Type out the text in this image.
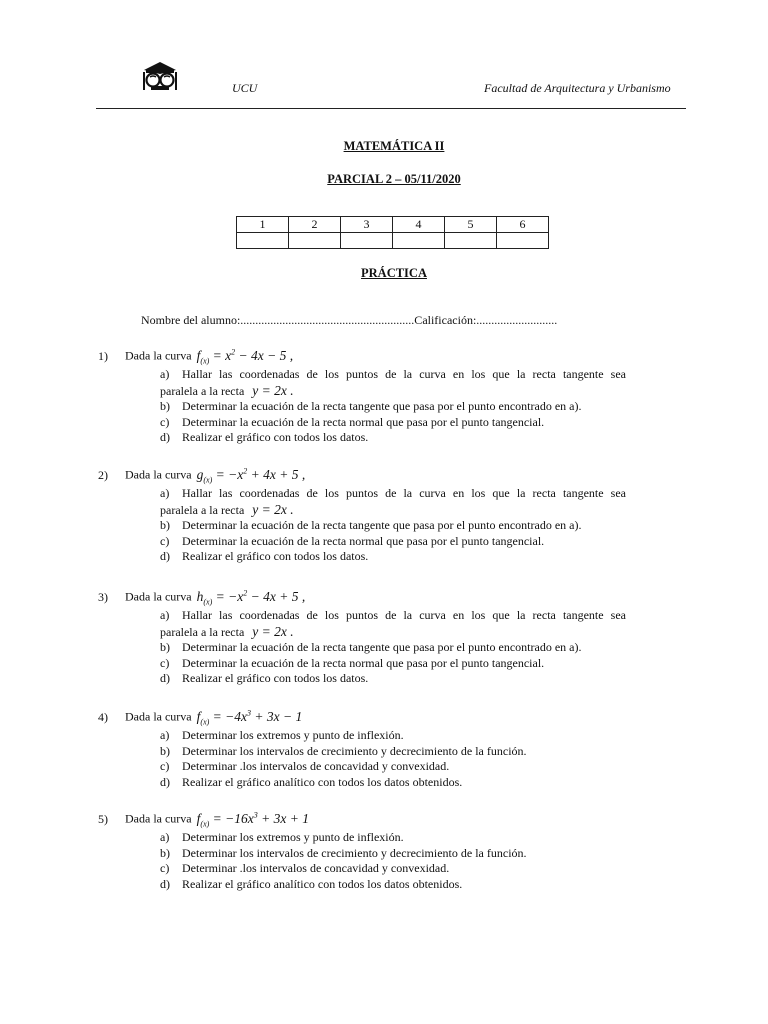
UCU	Facultad de Arquitectura y Urbanismo
MATEMÁTICA II
PARCIAL 2 – 05/11/2020
1	2	3	4	5	6

PRÁCTICA
Nombre del alumno:..........................................................Calificación:...........................
1) Dada la curva $f_{(x)} = x^2 - 4x - 5$ ,
a)	Hallar las coordenadas de los puntos de la curva en los que la recta tangente sea
paralela a la recta y = 2x .
b)	Determinar la ecuación de la recta tangente que pasa por el punto encontrado en a).
c)	Determinar la ecuación de la recta normal que pasa por el punto tangencial.
d)	Realizar el gráfico con todos los datos.
2) Dada la curva $g_{(x)} = -x^2 + 4x + 5$ ,
a)	Hallar las coordenadas de los puntos de la curva en los que la recta tangente sea
paralela a la recta y = 2x .
b)	Determinar la ecuación de la recta tangente que pasa por el punto encontrado en a).
c)	Determinar la ecuación de la recta normal que pasa por el punto tangencial.
d)	Realizar el gráfico con todos los datos.
3) Dada la curva $h_{(x)} = -x^2 - 4x + 5$ ,
a)	Hallar las coordenadas de los puntos de la curva en los que la recta tangente sea
paralela a la recta y = 2x .
b)	Determinar la ecuación de la recta tangente que pasa por el punto encontrado en a).
c)	Determinar la ecuación de la recta normal que pasa por el punto tangencial.
d)	Realizar el gráfico con todos los datos.
4) Dada la curva $f_{(x)} = -4x^3 + 3x - 1$
a)	Determinar los extremos y punto de inflexión.
b)	Determinar los intervalos de crecimiento y decrecimiento de la función.
c)	Determinar .los intervalos de concavidad y convexidad.
d)	Realizar el gráfico analítico con todos los datos obtenidos.
5) Dada la curva $f_{(x)} = -16x^3 + 3x + 1$
a)	Determinar los extremos y punto de inflexión.
b)	Determinar los intervalos de crecimiento y decrecimiento de la función.
c)	Determinar .los intervalos de concavidad y convexidad.
d)	Realizar el gráfico analítico con todos los datos obtenidos.
